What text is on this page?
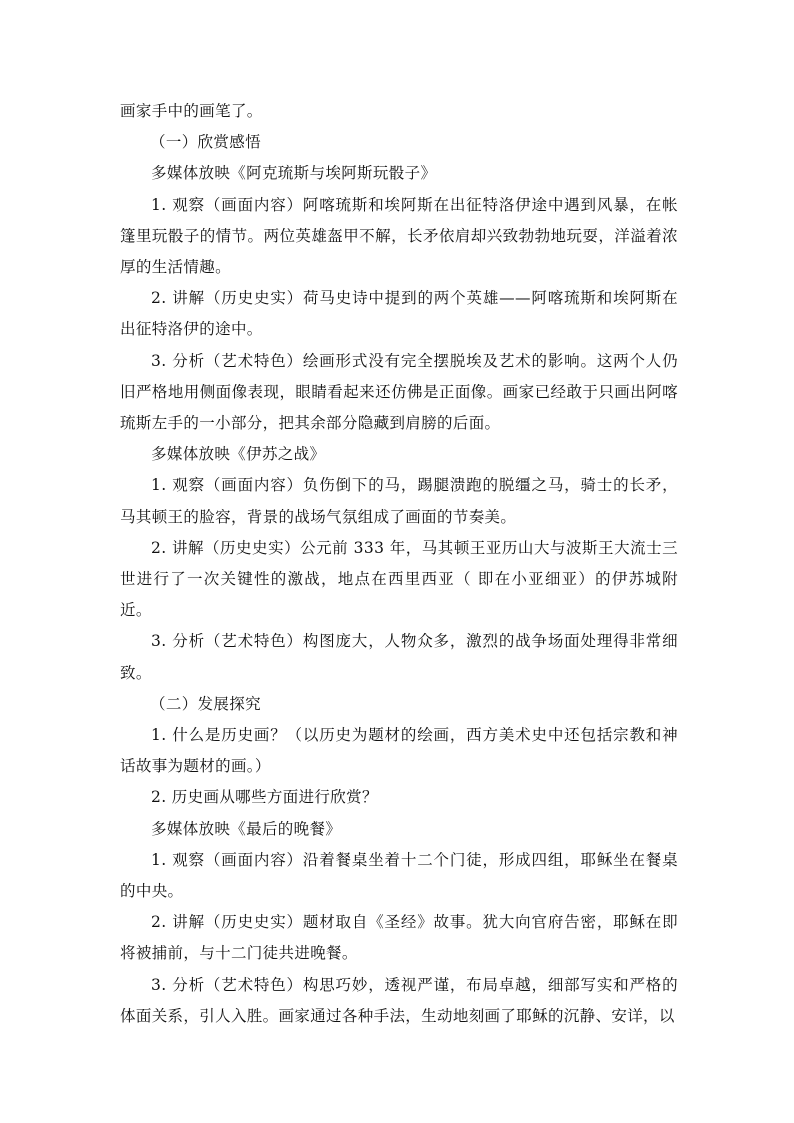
画家手中的画笔了。

（一）欣赏感悟

多媒体放映《阿克琉斯与埃阿斯玩骰子》

1. 观察（画面内容）阿喀琉斯和埃阿斯在出征特洛伊途中遇到风暴，在帐篷里玩骰子的情节。两位英雄盔甲不解，长矛依肩却兴致勃勃地玩耍，洋溢着浓厚的生活情趣。

2. 讲解（历史史实）荷马史诗中提到的两个英雄——阿喀琉斯和埃阿斯在出征特洛伊的途中。

3. 分析（艺术特色）绘画形式没有完全摆脱埃及艺术的影响。这两个人仍旧严格地用侧面像表现，眼睛看起来还仿佛是正面像。画家已经敢于只画出阿喀琉斯左手的一小部分，把其余部分隐藏到肩膀的后面。

多媒体放映《伊苏之战》

1. 观察（画面内容）负伤倒下的马，踢腿溃跑的脱缰之马，骑士的长矛，马其顿王的脸容，背景的战场气氛组成了画面的节奏美。

2. 讲解（历史史实）公元前 333 年，马其顿王亚历山大与波斯王大流士三世进行了一次关键性的激战，地点在西里西亚（ 即在小亚细亚）的伊苏城附近。

3. 分析（艺术特色）构图庞大，人物众多，激烈的战争场面处理得非常细致。

（二）发展探究

1. 什么是历史画？（以历史为题材的绘画，西方美术史中还包括宗教和神话故事为题材的画。）

2. 历史画从哪些方面进行欣赏？

多媒体放映《最后的晚餐》

1. 观察（画面内容）沿着餐桌坐着十二个门徒，形成四组，耶稣坐在餐桌的中央。

2. 讲解（历史史实）题材取自《圣经》故事。犹大向官府告密，耶稣在即将被捕前，与十二门徒共进晚餐。

3. 分析（艺术特色）构思巧妙，透视严谨，布局卓越，细部写实和严格的体面关系，引人入胜。画家通过各种手法，生动地刻画了耶稣的沉静、安详，以
